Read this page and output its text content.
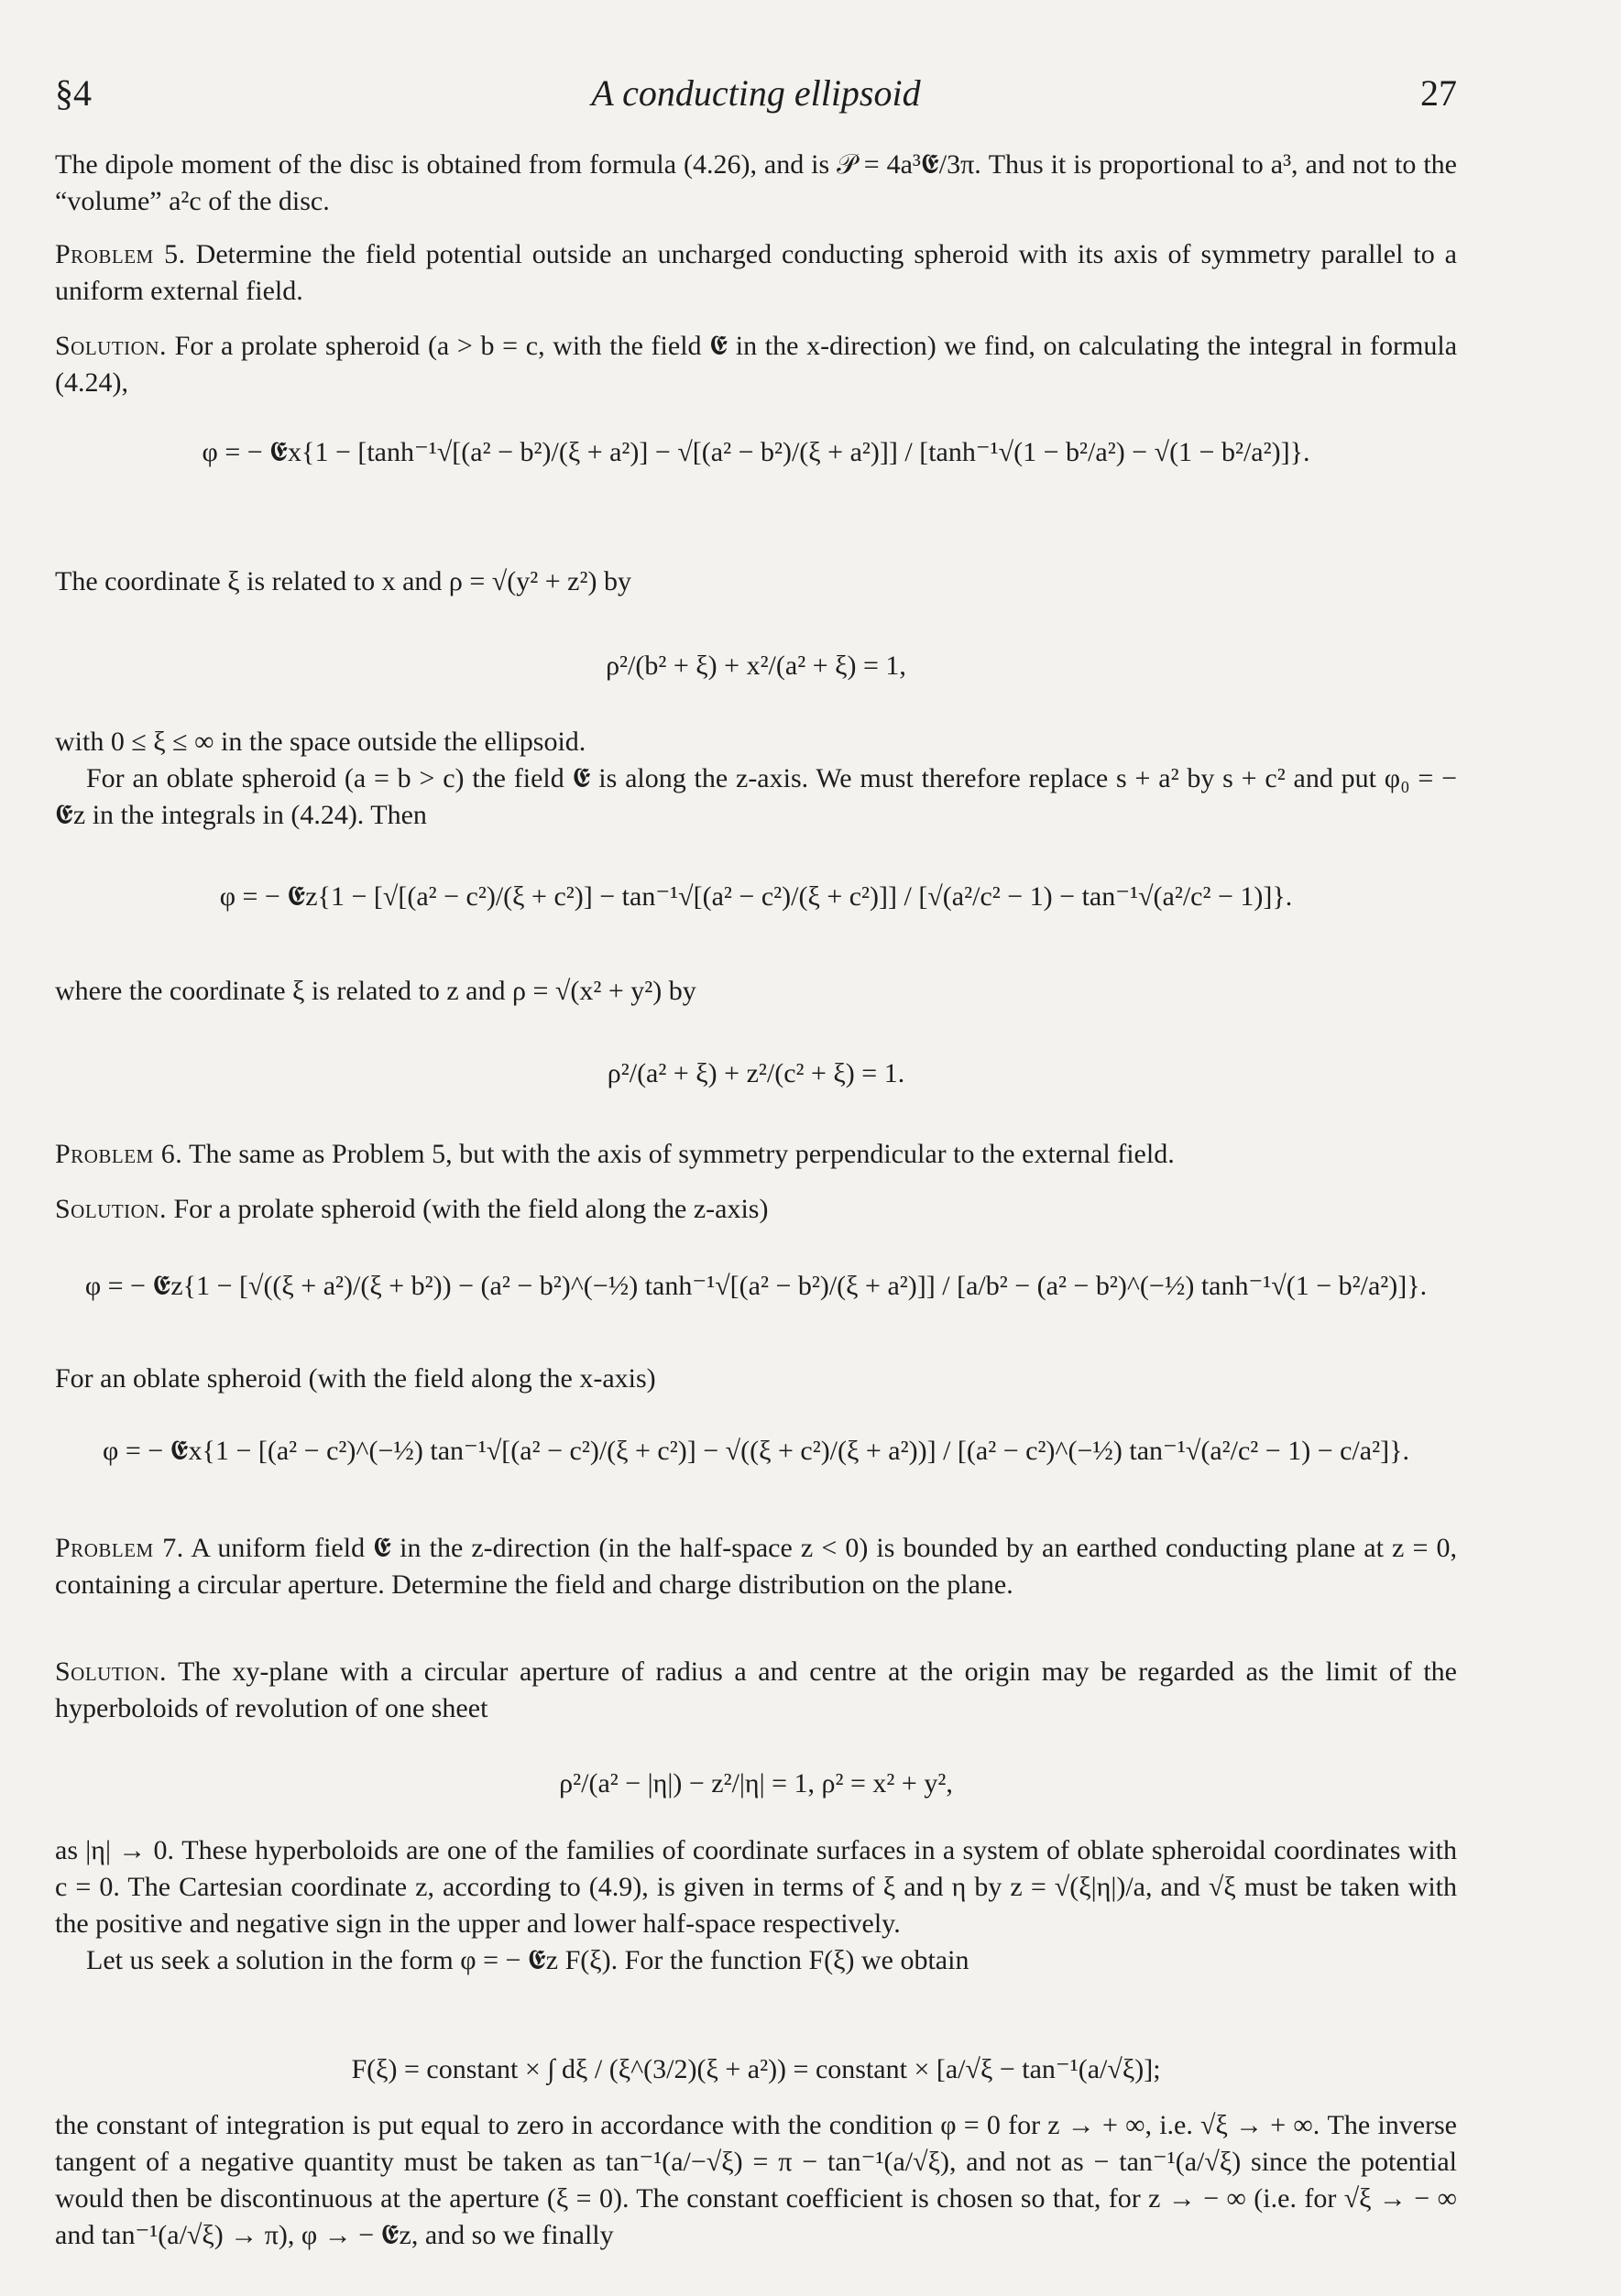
§4	A conducting ellipsoid	27

The dipole moment of the disc is obtained from formula (4.26), and is 𝒫 = 4a³𝕰/3π. Thus it is proportional to a³, and not to the “volume” a²c of the disc.

Problem 5. Determine the field potential outside an uncharged conducting spheroid with its axis of symmetry parallel to a uniform external field.

Solution. For a prolate spheroid (a > b = c, with the field 𝕰 in the x-direction) we find, on calculating the integral in formula (4.24),

φ = − 𝕰x{1 − [tanh⁻¹√[(a² − b²)/(ξ + a²)] − √[(a² − b²)/(ξ + a²)]] / [tanh⁻¹√(1 − b²/a²) − √(1 − b²/a²)]}.

The coordinate ξ is related to x and ρ = √(y² + z²) by

ρ²/(b² + ξ) + x²/(a² + ξ) = 1,

with 0 ≤ ξ ≤ ∞ in the space outside the ellipsoid.

For an oblate spheroid (a = b > c) the field 𝕰 is along the z-axis. We must therefore replace s + a² by s + c² and put φ₀ = − 𝕰z in the integrals in (4.24). Then

φ = − 𝕰z{1 − [√[(a² − c²)/(ξ + c²)] − tan⁻¹√[(a² − c²)/(ξ + c²)]] / [√(a²/c² − 1) − tan⁻¹√(a²/c² − 1)]}.

where the coordinate ξ is related to z and ρ = √(x² + y²) by

ρ²/(a² + ξ) + z²/(c² + ξ) = 1.

Problem 6. The same as Problem 5, but with the axis of symmetry perpendicular to the external field.

Solution. For a prolate spheroid (with the field along the z-axis)

φ = − 𝕰z{1 − [√((ξ + a²)/(ξ + b²)) − (a² − b²)^(−½) tanh⁻¹√[(a² − b²)/(ξ + a²)]] / [a/b² − (a² − b²)^(−½) tanh⁻¹√(1 − b²/a²)]}.

For an oblate spheroid (with the field along the x-axis)

φ = − 𝕰x{1 − [(a² − c²)^(−½) tan⁻¹√[(a² − c²)/(ξ + c²)] − √((ξ + c²)/(ξ + a²))] / [(a² − c²)^(−½) tan⁻¹√(a²/c² − 1) − c/a²]}.

Problem 7. A uniform field 𝕰 in the z-direction (in the half-space z < 0) is bounded by an earthed conducting plane at z = 0, containing a circular aperture. Determine the field and charge distribution on the plane.

Solution. The xy-plane with a circular aperture of radius a and centre at the origin may be regarded as the limit of the hyperboloids of revolution of one sheet

ρ²/(a² − |η|) − z²/|η| = 1, ρ² = x² + y²,

as |η| → 0. These hyperboloids are one of the families of coordinate surfaces in a system of oblate spheroidal coordinates with c = 0. The Cartesian coordinate z, according to (4.9), is given in terms of ξ and η by z = √(ξ|η|)/a, and √ξ must be taken with the positive and negative sign in the upper and lower half-space respectively.

Let us seek a solution in the form φ = − 𝕰z F(ξ). For the function F(ξ) we obtain

F(ξ) = constant × ∫ dξ / (ξ^(3/2)(ξ + a²)) = constant × [a/√ξ − tan⁻¹(a/√ξ)];

the constant of integration is put equal to zero in accordance with the condition φ = 0 for z → + ∞, i.e. √ξ → + ∞. The inverse tangent of a negative quantity must be taken as tan⁻¹(a/−√ξ) = π − tan⁻¹(a/√ξ), and not as − tan⁻¹(a/√ξ) since the potential would then be discontinuous at the aperture (ξ = 0). The constant coefficient is chosen so that, for z → − ∞ (i.e. for √ξ → − ∞ and tan⁻¹(a/√ξ) → π), φ → − 𝕰z, and so we finally
